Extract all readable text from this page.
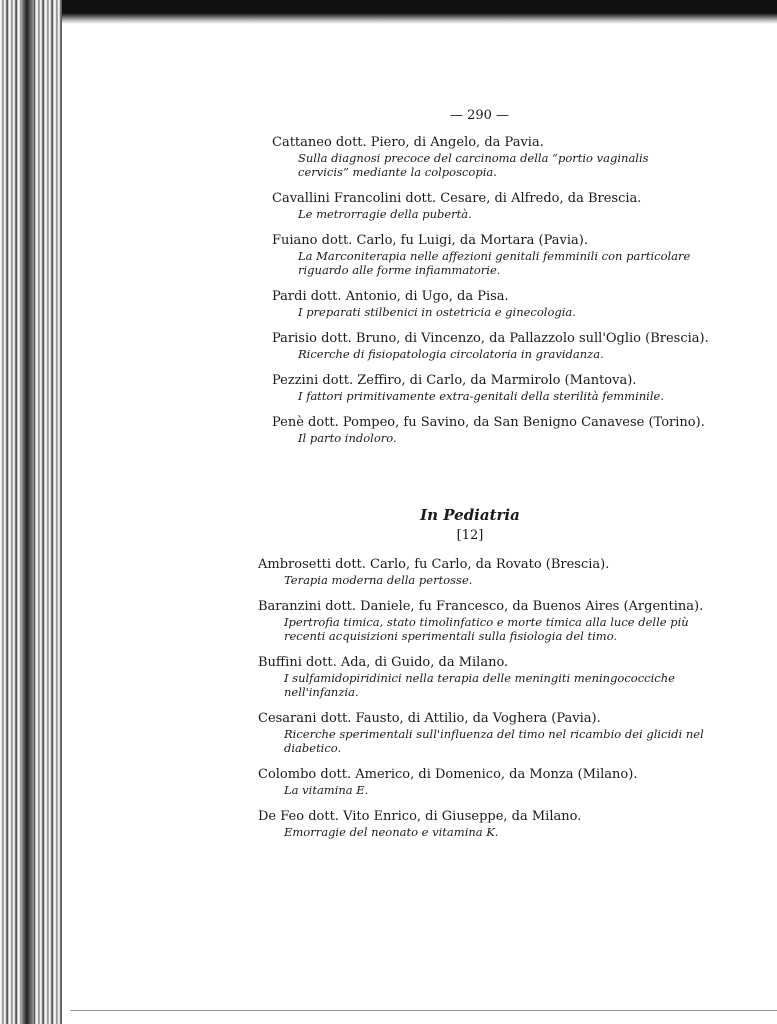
— 290 —
Cattaneo dott. Piero, di Angelo, da Pavia.
Sulla diagnosi precoce del carcinoma della “portio vaginalis cervicis” mediante la colposcopia.
Cavallini Francolini dott. Cesare, di Alfredo, da Brescia.
Le metrorragie della pubertà.
Fuiano dott. Carlo, fu Luigi, da Mortara (Pavia).
La Marconiterapia nelle affezioni genitali femminili con particolare riguardo alle forme infiammatorie.
Pardi dott. Antonio, di Ugo, da Pisa.
I preparati stilbenici in ostetricia e ginecologia.
Parisio dott. Bruno, di Vincenzo, da Pallazzolo sull'Oglio (Brescia).
Ricerche di fisiopatologia circolatoria in gravidanza.
Pezzini dott. Zeffiro, di Carlo, da Marmirolo (Mantova).
I fattori primitivamente extra-genitali della sterilità femminile.
Penè dott. Pompeo, fu Savino, da San Benigno Canavese (Torino).
Il parto indoloro.
In Pediatria
[12]
Ambrosetti dott. Carlo, fu Carlo, da Rovato (Brescia).
Terapia moderna della pertosse.
Baranzini dott. Daniele, fu Francesco, da Buenos Aires (Argentina).
Ipertrofia timica, stato timolinfatico e morte timica alla luce delle più recenti acquisizioni sperimentali sulla fisiologia del timo.
Buffini dott. Ada, di Guido, da Milano.
I sulfamidopiridinici nella terapia delle meningiti meningococciche nell'infanzia.
Cesarani dott. Fausto, di Attilio, da Voghera (Pavia).
Ricerche sperimentali sull'influenza del timo nel ricambio dei glicidi nel diabetico.
Colombo dott. Americo, di Domenico, da Monza (Milano).
La vitamina E.
De Feo dott. Vito Enrico, di Giuseppe, da Milano.
Emorragie del neonato e vitamina K.
